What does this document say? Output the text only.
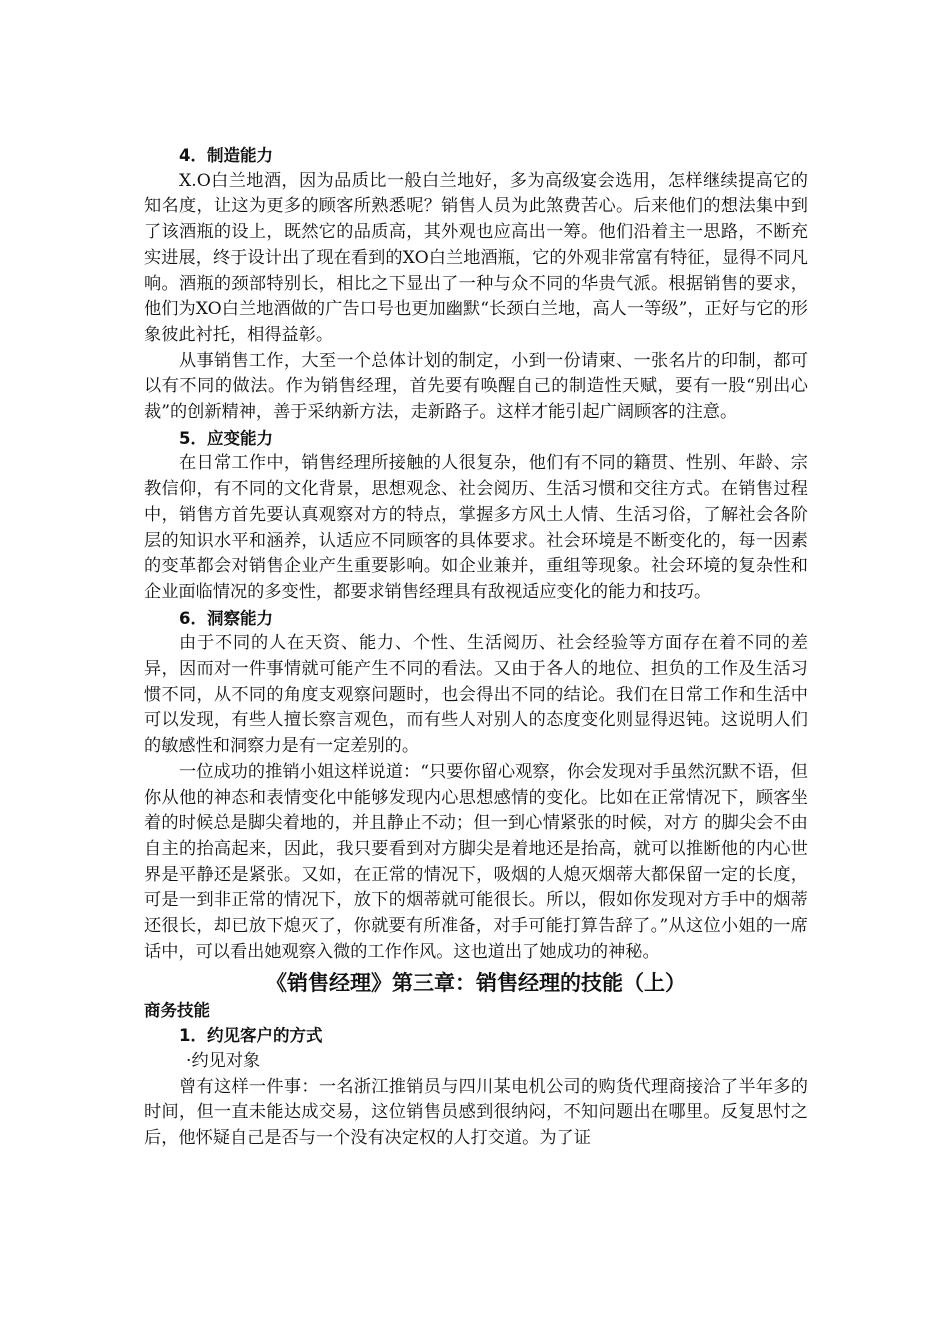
4．制造能力

X.O白兰地酒，因为品质比一般白兰地好，多为高级宴会选用，怎样继续提高它的知名度，让这为更多的顾客所熟悉呢？销售人员为此煞费苦心。后来他们的想法集中到了该酒瓶的设上，既然它的品质高，其外观也应高出一筹。他们沿着主一思路，不断充实进展，终于设计出了现在看到的XO白兰地酒瓶，它的外观非常富有特征，显得不同凡响。酒瓶的颈部特别长，相比之下显出了一种与众不同的华贵气派。根据销售的要求，他们为XO白兰地酒做的广告口号也更加幽默“长颈白兰地，高人一等级”，正好与它的形象彼此衬托，相得益彰。

从事销售工作，大至一个总体计划的制定，小到一份请柬、一张名片的印制，都可以有不同的做法。作为销售经理，首先要有唤醒自己的制造性天赋，要有一股“别出心裁”的创新精神，善于采纳新方法，走新路子。这样才能引起广阔顾客的注意。

5．应变能力

在日常工作中，销售经理所接触的人很复杂，他们有不同的籍贯、性别、年龄、宗教信仰，有不同的文化背景，思想观念、社会阅历、生活习惯和交往方式。在销售过程中，销售方首先要认真观察对方的特点，掌握多方风土人情、生活习俗，了解社会各阶层的知识水平和涵养，认适应不同顾客的具体要求。社会环境是不断变化的，每一因素的变革都会对销售企业产生重要影响。如企业兼并，重组等现象。社会环境的复杂性和企业面临情况的多变性，都要求销售经理具有敌视适应变化的能力和技巧。

6．洞察能力

由于不同的人在天资、能力、个性、生活阅历、社会经验等方面存在着不同的差异，因而对一件事情就可能产生不同的看法。又由于各人的地位、担负的工作及生活习惯不同，从不同的角度支观察问题时，也会得出不同的结论。我们在日常工作和生活中可以发现，有些人擅长察言观色，而有些人对别人的态度变化则显得迟钝。这说明人们的敏感性和洞察力是有一定差别的。

一位成功的推销小姐这样说道：“只要你留心观察，你会发现对手虽然沉默不语，但你从他的神态和表情变化中能够发现内心思想感情的变化。比如在正常情况下，顾客坐着的时候总是脚尖着地的，并且静止不动；但一到心情紧张的时候，对方 的脚尖会不由自主的抬高起来，因此，我只要看到对方脚尖是着地还是抬高，就可以推断他的内心世界是平静还是紧张。又如，在正常的情况下，吸烟的人熄灭烟蒂大都保留一定的长度，可是一到非正常的情况下，放下的烟蒂就可能很长。所以，假如你发现对方手中的烟蒂还很长，却已放下熄灭了，你就要有所准备，对手可能打算告辞了。”从这位小姐的一席话中，可以看出她观察入微的工作作风。这也道出了她成功的神秘。

《销售经理》第三章：销售经理的技能（上）
商务技能
1．约见客户的方式
·约见对象

曾有这样一件事：一名浙江推销员与四川某电机公司的购货代理商接洽了半年多的时间，但一直未能达成交易，这位销售员感到很纳闷，不知问题出在哪里。反复思忖之后，他怀疑自己是否与一个没有决定权的人打交道。为了证
